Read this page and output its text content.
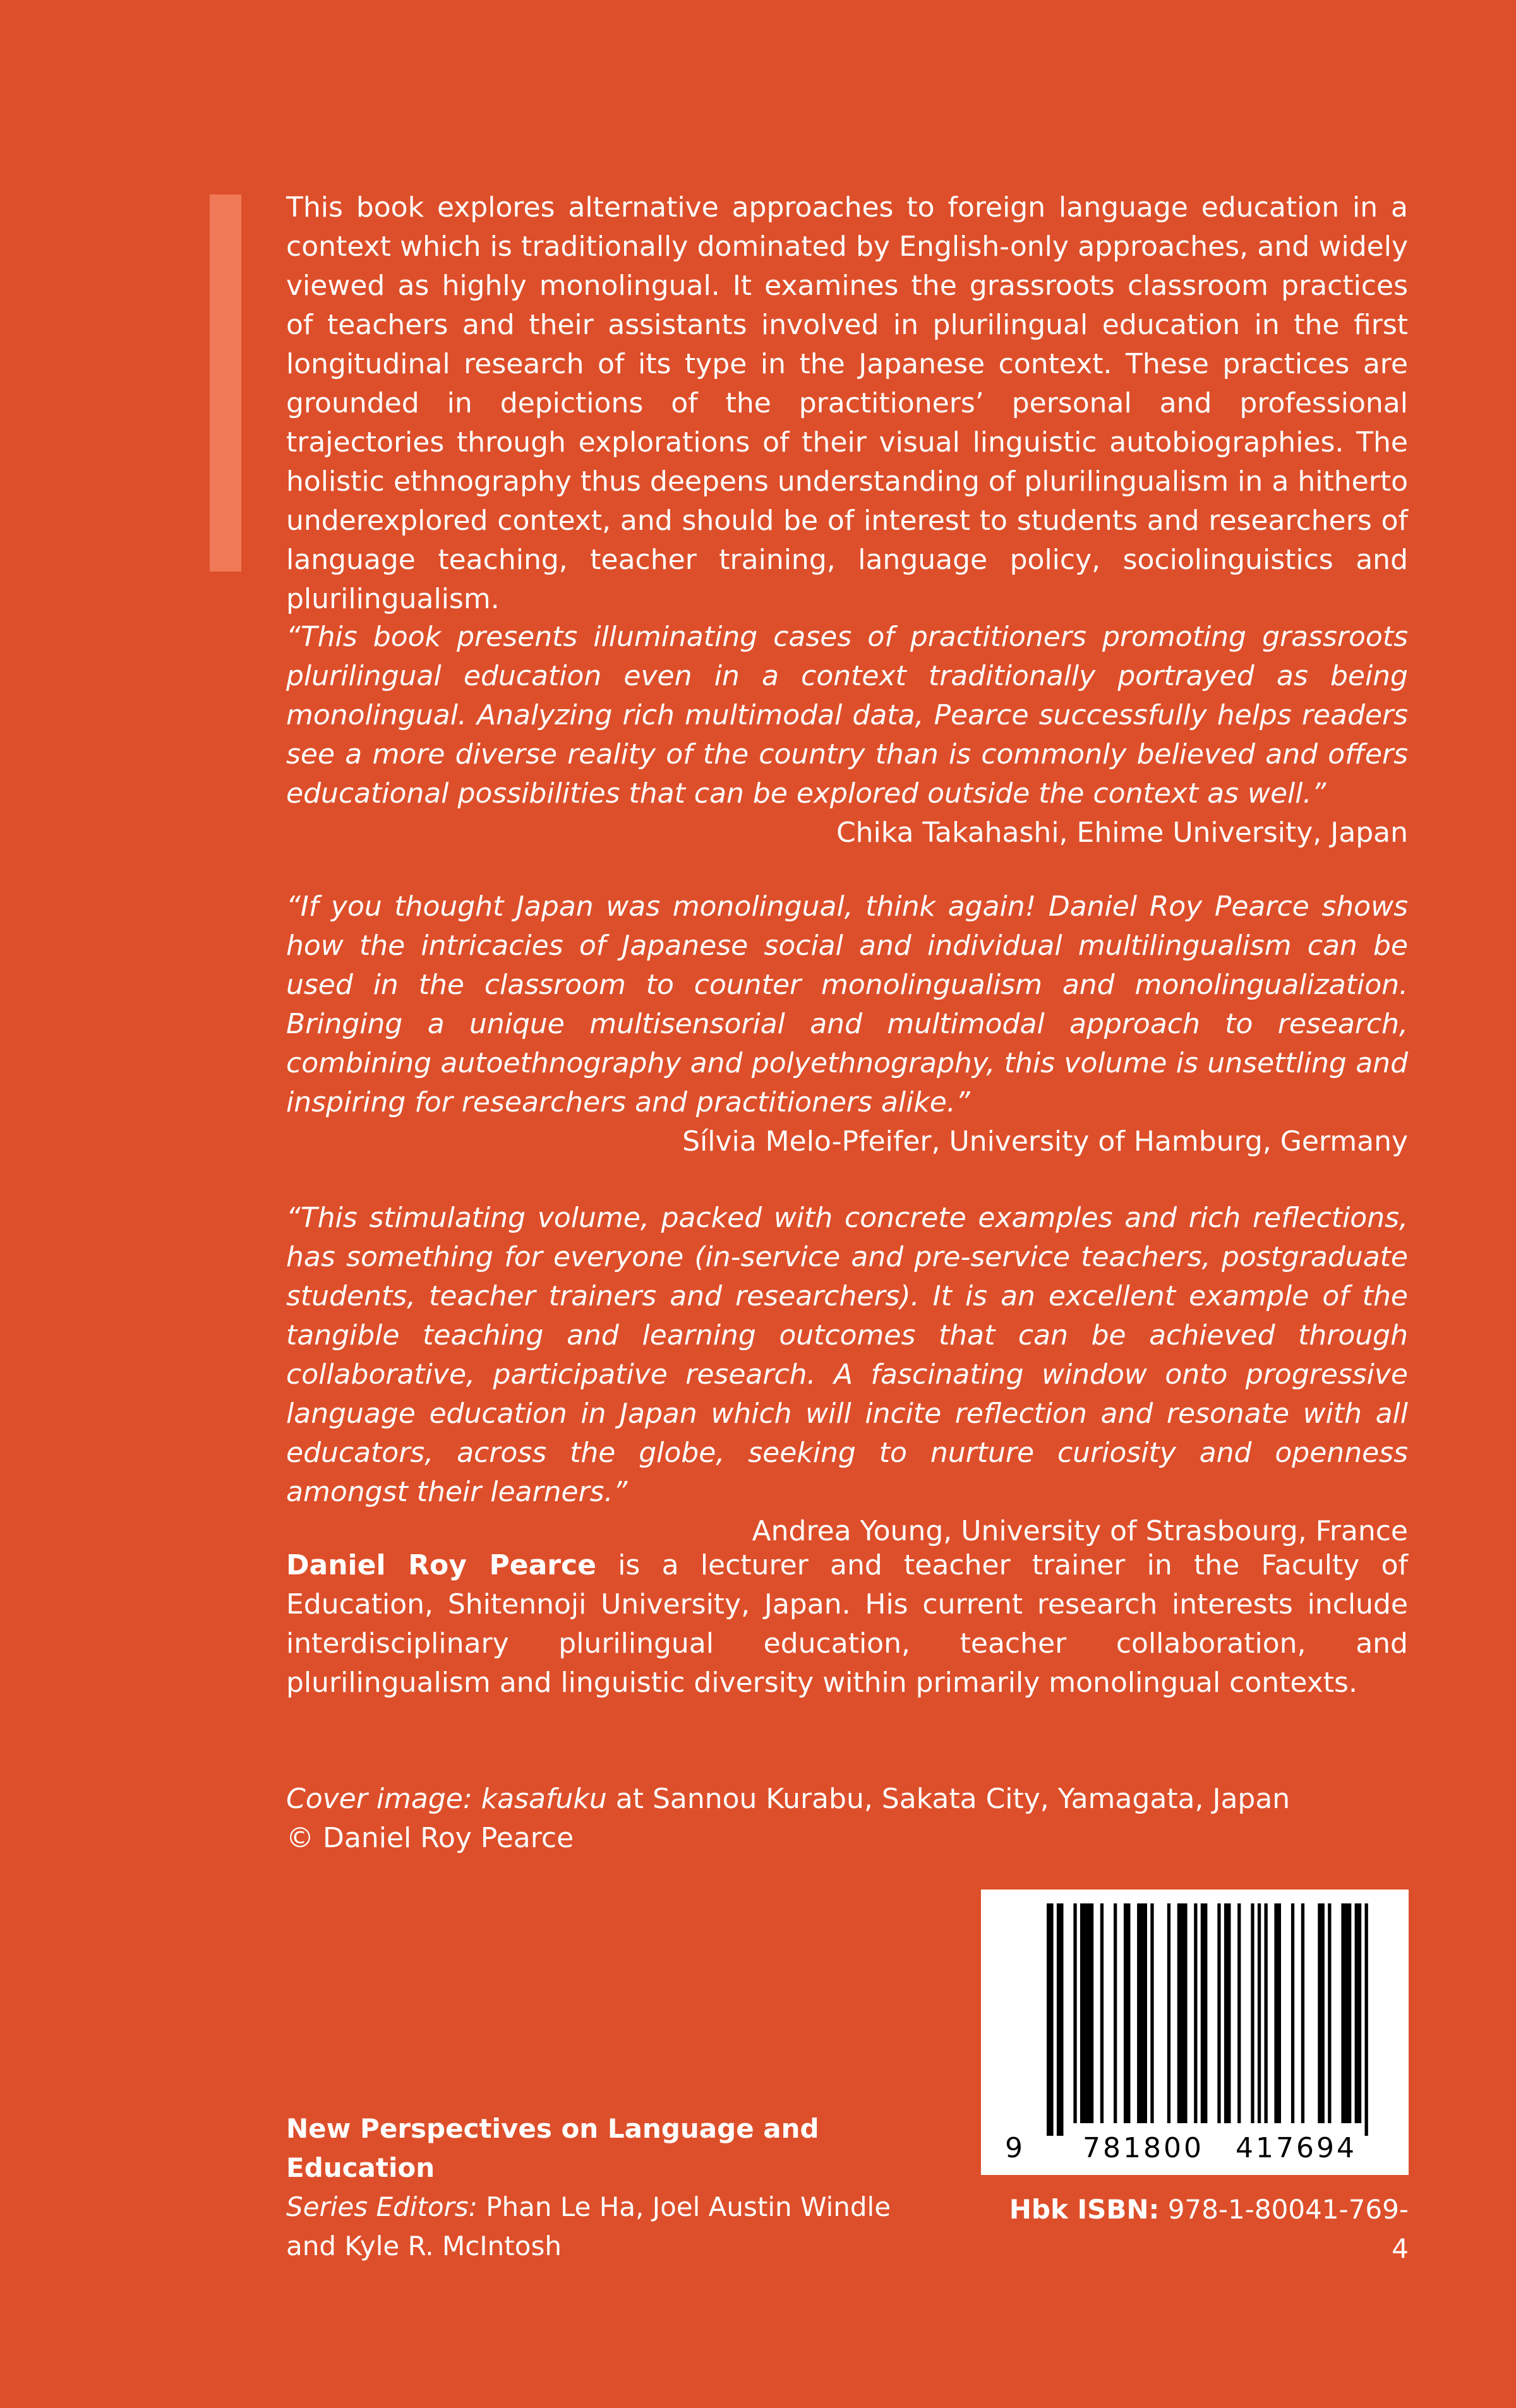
This book explores alternative approaches to foreign language education in a context which is traditionally dominated by English-only approaches, and widely viewed as highly monolingual. It examines the grassroots classroom practices of teachers and their assistants involved in plurilingual education in the first longitudinal research of its type in the Japanese context. These practices are grounded in depictions of the practitioners’ personal and professional trajectories through explorations of their visual linguistic autobiographies. The holistic ethnography thus deepens understanding of plurilingualism in a hitherto underexplored context, and should be of interest to students and researchers of language teaching, teacher training, language policy, sociolinguistics and plurilingualism.

“This book presents illuminating cases of practitioners promoting grassroots plurilingual education even in a context traditionally portrayed as being monolingual. Analyzing rich multimodal data, Pearce successfully helps readers see a more diverse reality of the country than is commonly believed and offers educational possibilities that can be explored outside the context as well.”

Chika Takahashi, Ehime University, Japan

“If you thought Japan was monolingual, think again! Daniel Roy Pearce shows how the intricacies of Japanese social and individual multilingualism can be used in the classroom to counter monolingualism and monolingualization. Bringing a unique multisensorial and multimodal approach to research, combining autoethnography and polyethnography, this volume is unsettling and inspiring for researchers and practitioners alike.”

Sílvia Melo-Pfeifer, University of Hamburg, Germany

“This stimulating volume, packed with concrete examples and rich reflections, has something for everyone (in-service and pre-service teachers, postgraduate students, teacher trainers and researchers). It is an excellent example of the tangible teaching and learning outcomes that can be achieved through collaborative, participative research. A fascinating window onto progressive language education in Japan which will incite reflection and resonate with all educators, across the globe, seeking to nurture curiosity and openness amongst their learners.”

Andrea Young, University of Strasbourg, France

Daniel Roy Pearce is a lecturer and teacher trainer in the Faculty of Education, Shitennoji University, Japan. His current research interests include interdisciplinary plurilingual education, teacher collaboration, and plurilingualism and linguistic diversity within primarily monolingual contexts.

Cover image: kasafuku at Sannou Kurabu, Sakata City, Yamagata, Japan
© Daniel Roy Pearce

New Perspectives on Language and Education
Series Editors: Phan Le Ha, Joel Austin Windle
and Kyle R. McIntosh
9 781800 417694
Hbk ISBN: 978-1-80041-769-4
